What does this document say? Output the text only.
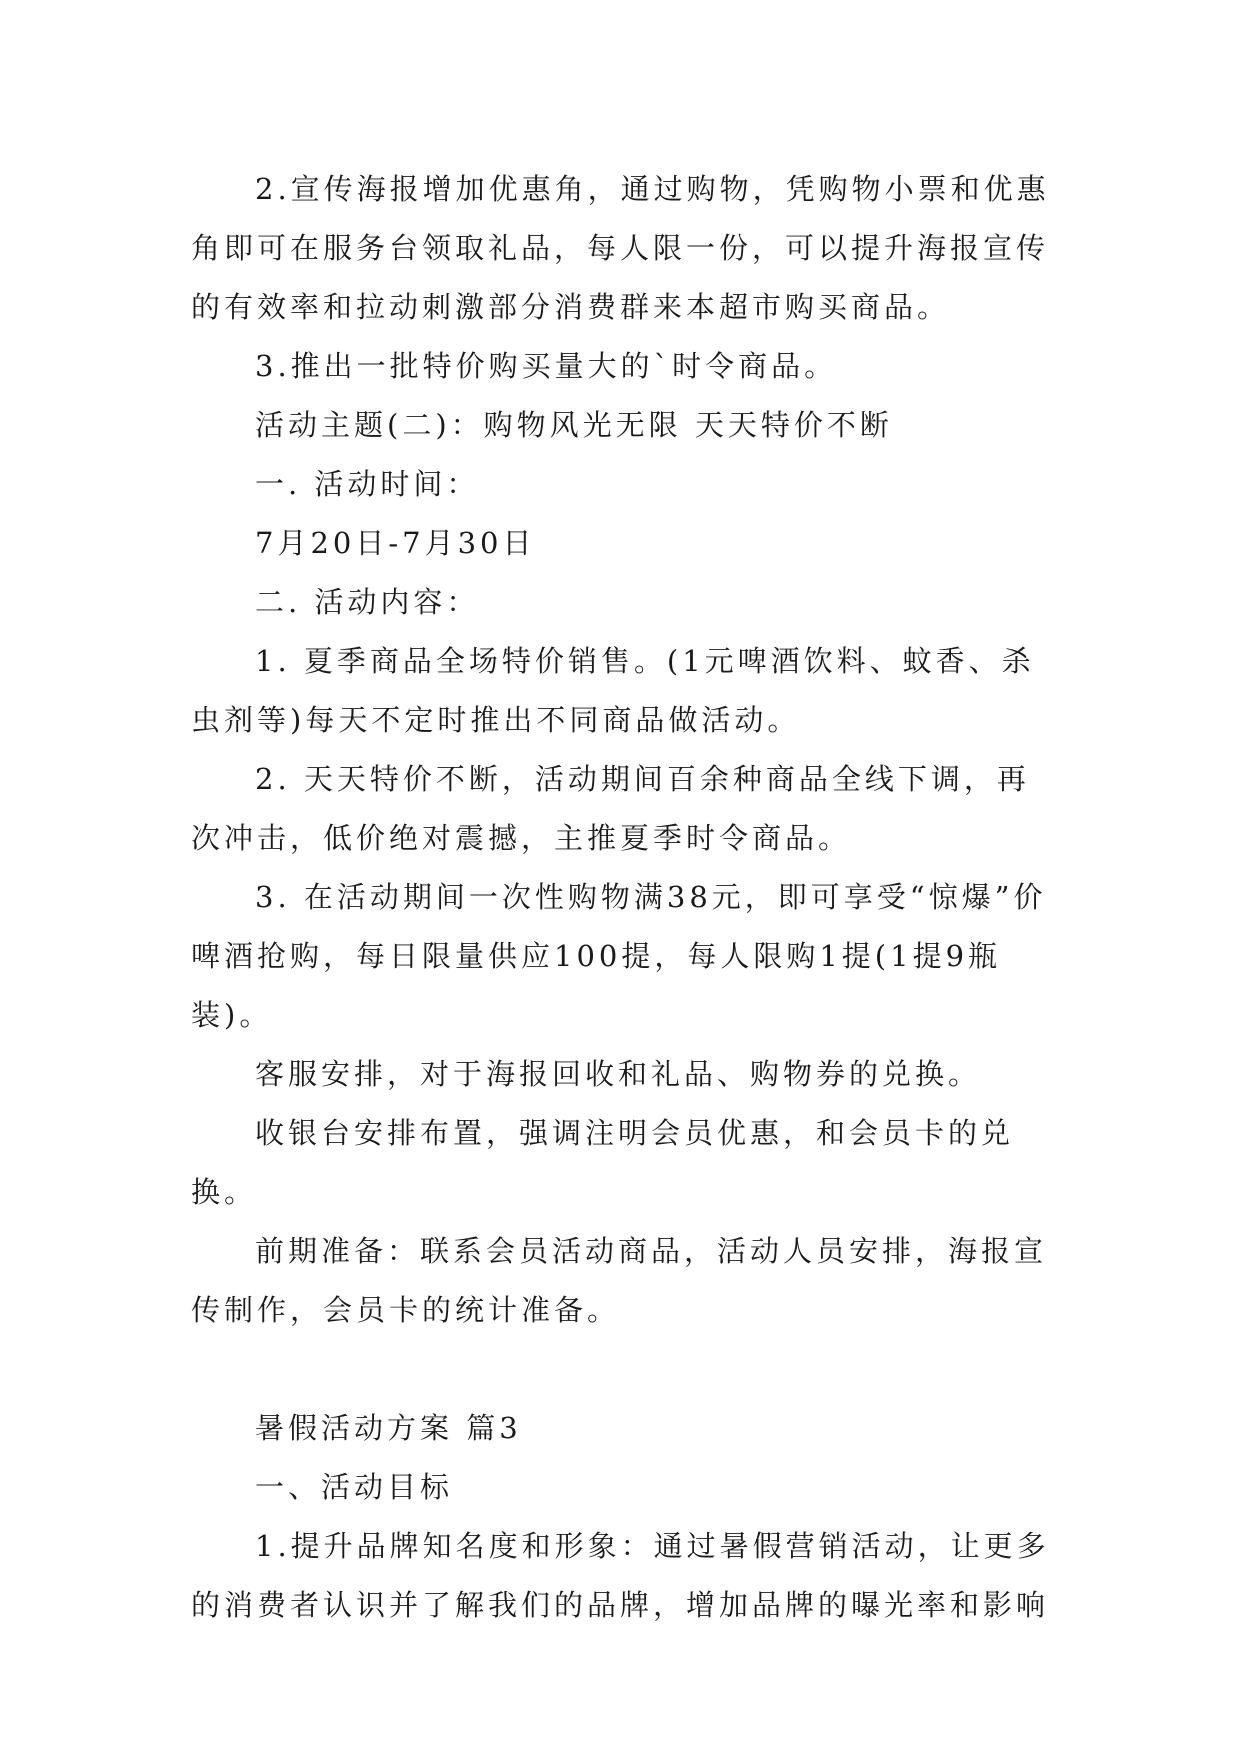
2.宣传海报增加优惠角，通过购物，凭购物小票和优惠角即可在服务台领取礼品，每人限一份，可以提升海报宣传的有效率和拉动刺激部分消费群来本超市购买商品。

3.推出一批特价购买量大的`时令商品。

活动主题(二)：购物风光无限 天天特价不断

一. 活动时间：

7月20日-7月30日

二. 活动内容：

1. 夏季商品全场特价销售。(1元啤酒饮料、蚊香、杀虫剂等)每天不定时推出不同商品做活动。

2. 天天特价不断，活动期间百余种商品全线下调，再次冲击，低价绝对震撼，主推夏季时令商品。

3. 在活动期间一次性购物满38元，即可享受“惊爆”价啤酒抢购，每日限量供应100提，每人限购1提(1提9瓶装)。

客服安排，对于海报回收和礼品、购物券的兑换。

收银台安排布置，强调注明会员优惠，和会员卡的兑换。

前期准备：联系会员活动商品，活动人员安排，海报宣传制作，会员卡的统计准备。

暑假活动方案 篇3

一、活动目标

1.提升品牌知名度和形象：通过暑假营销活动，让更多的消费者认识并了解我们的品牌，增加品牌的曝光率和影响
